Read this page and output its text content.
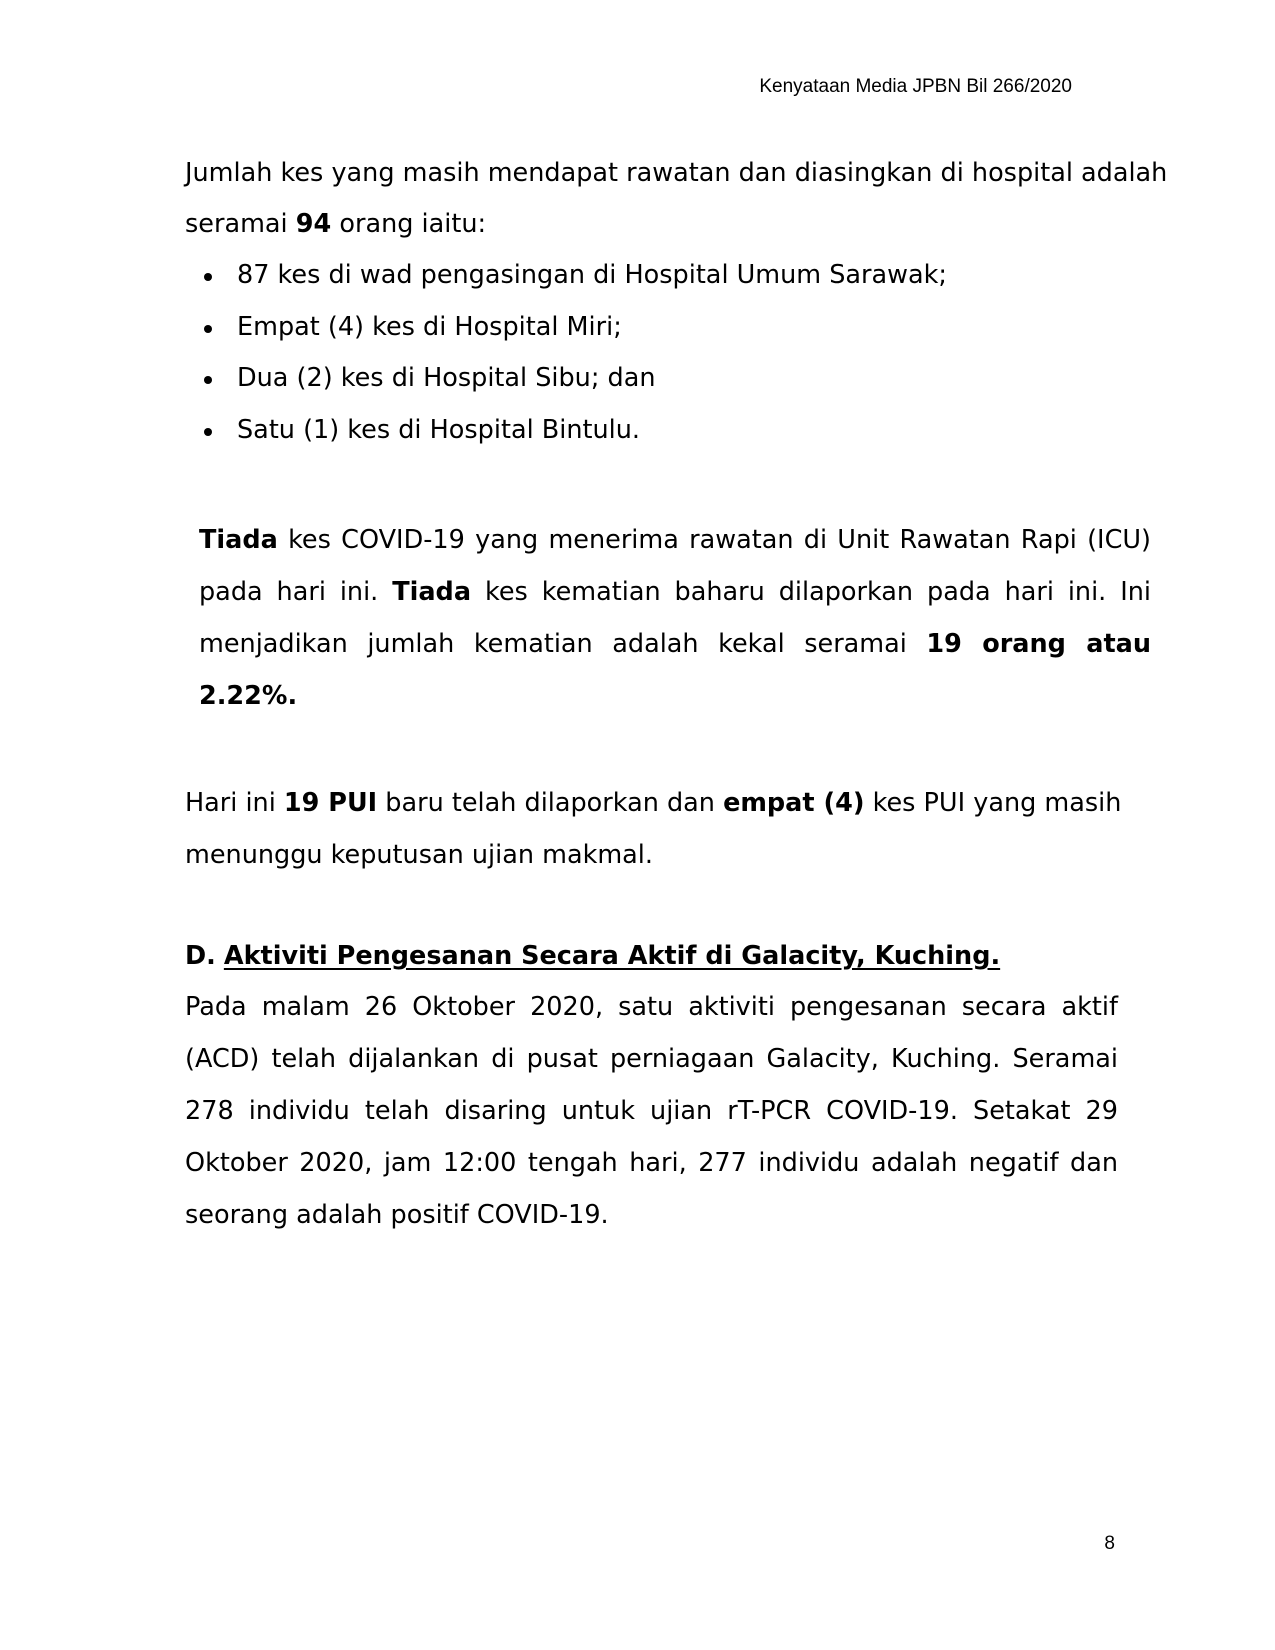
Kenyataan Media JPBN Bil 266/2020

Jumlah kes yang masih mendapat rawatan dan diasingkan di hospital adalah seramai 94 orang iaitu:

87 kes di wad pengasingan di Hospital Umum Sarawak;
Empat (4) kes di Hospital Miri;
Dua (2) kes di Hospital Sibu; dan
Satu (1) kes di Hospital Bintulu.

Tiada kes COVID-19 yang menerima rawatan di Unit Rawatan Rapi (ICU) pada hari ini. Tiada kes kematian baharu dilaporkan pada hari ini. Ini menjadikan jumlah kematian adalah kekal seramai 19 orang atau 2.22%.

Hari ini 19 PUI baru telah dilaporkan dan empat (4) kes PUI yang masih menunggu keputusan ujian makmal.

D. Aktiviti Pengesanan Secara Aktif di Galacity, Kuching.

Pada malam 26 Oktober 2020, satu aktiviti pengesanan secara aktif (ACD) telah dijalankan di pusat perniagaan Galacity, Kuching. Seramai 278 individu telah disaring untuk ujian rT-PCR COVID-19. Setakat 29 Oktober 2020, jam 12:00 tengah hari, 277 individu adalah negatif dan seorang adalah positif COVID-19.

8
